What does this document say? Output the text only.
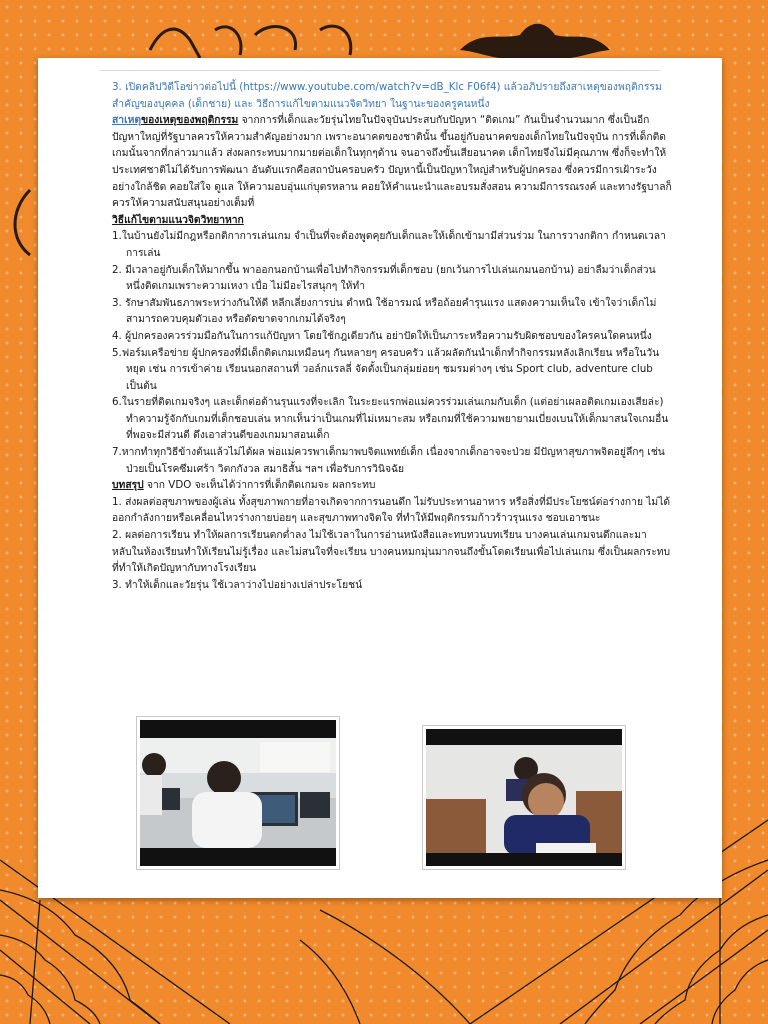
3. เปิดคลิปวิดีโอข่าวต่อไปนี้ (https://www.youtube.com/watch?v=dB_Klc F06f4) แล้วอภิปรายถึงสาเหตุของพฤติกรรมสำคัญของบุคคล (เด็กชาย) และ วิธีการแก้ไขตามแนวจิตวิทยา ในฐานะของครูคนหนึ่ง

สาเหตุของเหตุของพฤติกรรม จากการที่เด็กและวัยรุ่นไทยในปัจจุบันประสบกับปัญหา “ติดเกม” กันเป็นจำนวนมาก ซึ่งเป็นอีกปัญหาใหญ่ที่รัฐบาลควรให้ความสำคัญอย่างมาก เพราะอนาคตของชาตินั้น ขึ้นอยู่กับอนาคตของเด็กไทยในปัจจุบัน การที่เด็กติดเกมนั้นจากที่กล่าวมาแล้ว ส่งผลกระทบมากมายต่อเด็กในทุกๆด้าน จนอาจถึงขั้นเสียอนาคต เด็กไทยจึงไม่มีคุณภาพ ซึ่งก็จะทำให้ประเทศชาติไม่ได้รับการพัฒนา อันดับแรกคือสถาบันครอบครัว ปัญหานี้เป็นปัญหาใหญ่สำหรับผู้ปกครอง ซึ่งควรมีการเฝ้าระวังอย่างใกล้ชิด คอยใส่ใจ ดูแล ให้ความอบอุ่นแก่บุตรหลาน คอยให้คำแนะนำและอบรมสั่งสอน ความมีการรณรงค์ และทางรัฐบาลก็ควรให้ความสนับสนุนอย่างเต็มที่

วิธีแก้ไขตามแนวจิตวิทยาหาก

1.ในบ้านยังไม่มีกฎหรือกติกาการเล่นเกม จำเป็นที่จะต้องพูดคุยกับเด็กและให้เด็กเข้ามามีส่วนร่วม ในการวางกติกา กำหนดเวลาการเล่น

2. มีเวลาอยู่กับเด็กให้มากขึ้น พาออกนอกบ้านเพื่อไปทำกิจกรรมที่เด็กชอบ (ยกเว้นการไปเล่นเกมนอกบ้าน) อย่าลืมว่าเด็กส่วนหนึ่งติดเกมเพราะความเหงา เบื่อ ไม่มีอะไรสนุกๆ ให้ทำ

3. รักษาสัมพันธภาพระหว่างกันให้ดี หลีกเลี่ยงการบ่น ตำหนิ ใช้อารมณ์ หรือถ้อยคำรุนแรง แสดงความเห็นใจ เข้าใจว่าเด็กไม่สามารถควบคุมตัวเอง หรือตัดขาดจากเกมได้จริงๆ

4. ผู้ปกครองควรร่วมมือกันในการแก้ปัญหา โดยใช้กฎเดียวกัน อย่าปัดให้เป็นภาระหรือความรับผิดชอบของใครคนใดคนหนึ่ง

5.ฟอร์มเครือข่าย ผู้ปกครองที่มีเด็กติดเกมเหมือนๆ กันหลายๆ ครอบครัว แล้วผลัดกันนำเด็กทำกิจกรรมหลังเลิกเรียน หรือในวันหยุด เช่น การเข้าค่าย เรียนนอกสถานที่ วอล์กแรลลี่ จัดตั้งเป็นกลุ่มย่อยๆ ชมรมต่างๆ เช่น Sport club, adventure club เป็นต้น

6.ในรายที่ติดเกมจริงๆ และเด็กต่อต้านรุนแรงที่จะเลิก ในระยะแรกพ่อแม่ควรร่วมเล่นเกมกับเด็ก (แต่อย่าเผลอติดเกมเองเสียล่ะ) ทำความรู้จักกับเกมที่เด็กชอบเล่น หากเห็นว่าเป็นเกมที่ไม่เหมาะสม หรือเกมที่ใช้ความพยายามเบี่ยงเบนให้เด็กมาสนใจเกมอื่นที่พอจะมีส่วนดี ดึงเอาส่วนดีของเกมมาสอนเด็ก

7.หากทำทุกวิธีข้างต้นแล้วไม่ได้ผล พ่อแม่ควรพาเด็กมาพบจิตแพทย์เด็ก เนื่องจากเด็กอาจจะป่วย มีปัญหาสุขภาพจิตอยู่ลึกๆ เช่น ป่วยเป็นโรคซึมเศร้า วิตกกังวล สมาธิสั้น ฯลฯ เพื่อรับการวินิจฉัย

บทสรุป จาก VDO จะเห็นได้ว่าการที่เด็กติดเกมจะ ผลกระทบ

1. ส่งผลต่อสุขภาพของผู้เล่น ทั้งสุขภาพกายที่อาจเกิดจากการนอนดึก ไม่รับประทานอาหาร หรือสิ่งที่มีประโยชน์ต่อร่างกาย ไม่ได้ออกกำลังกายหรือเคลื่อนไหวร่างกายบ่อยๆ และสุขภาพทางจิตใจ ที่ทำให้มีพฤติกรรมก้าวร้าวรุนแรง ชอบเอาชนะ

2. ผลต่อการเรียน ทำให้ผลการเรียนตกต่ำลง ไม่ใช้เวลาในการอ่านหนังสือและทบทวนบทเรียน บางคนเล่นเกมจนดึกและมาหลับในห้องเรียนทำให้เรียนไม่รู้เรื่อง และไม่สนใจที่จะเรียน บางคนหมกมุ่นมากจนถึงขั้นโดดเรียนเพื่อไปเล่นเกม ซึ่งเป็นผลกระทบที่ทำให้เกิดปัญหากับทางโรงเรียน

3. ทำให้เด็กและวัยรุ่น ใช้เวลาว่างไปอย่างเปล่าประโยชน์
